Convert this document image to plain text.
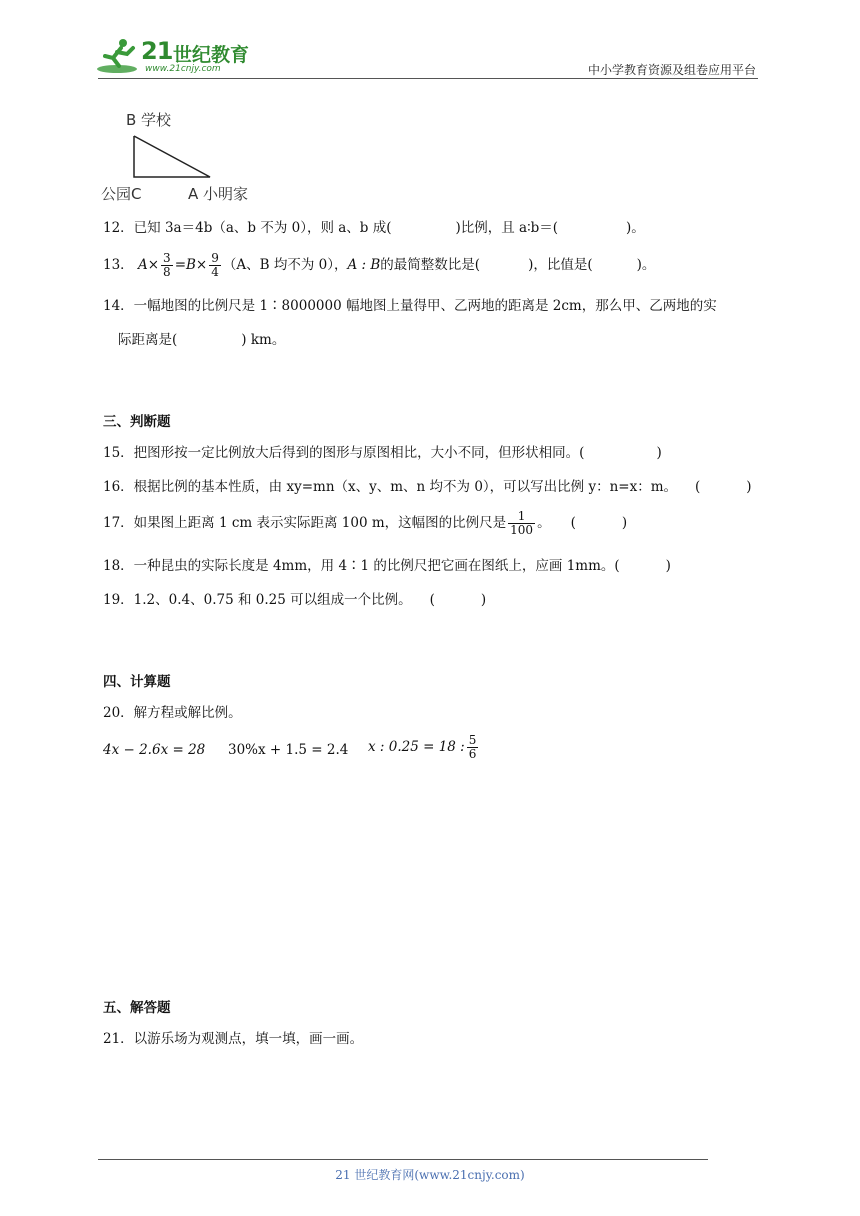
21 世纪教育
www.21cnjy.com	中小学教育资源及组卷应用平台
B 学校
公园C	A 小明家
12．已知 3a＝4b（a、b 不为 0），则 a、b 成(	)比例，且 a∶b＝(	)。
13． $A\times \frac{3}{8} =B\times \frac{9}{4} (A$、B 均不为 0），A : B的最简整数比是(	)，比值是(	)。
14．一幅地图的比例尺是 1∶8000000 幅地图上量得甲、乙两地的距离是 2cm，那么甲、乙两地的实
际距离是(	) km。
三、判断题
15．把图形按一定比例放大后得到的图形与原图相比，大小不同，但形状相同。(	)
16．根据比例的基本性质，由 xy=mn（x、y、m、n 均不为 0），可以写出比例 y：n=x：m。 (	)
17．如果图上距离 1 cm 表示实际距离 100 m，这幅图的比例尺是 $\frac{1}{100}$ 。 (	)
18．一种昆虫的实际长度是 4mm，用 4∶1 的比例尺把它画在图纸上，应画 1mm。(	)
19．1.2、0.4、0.75 和 0.25 可以组成一个比例。 (	)
四、计算题
20．解方程或解比例。
4x − 2.6x = 28 30%x + 1.5 = 2.4 x : 0.25 = 18 : $\frac{5}{6}$
五、解答题
21．以游乐场为观测点，填一填，画一画。
21 世纪教育网(www.21cnjy.com)
